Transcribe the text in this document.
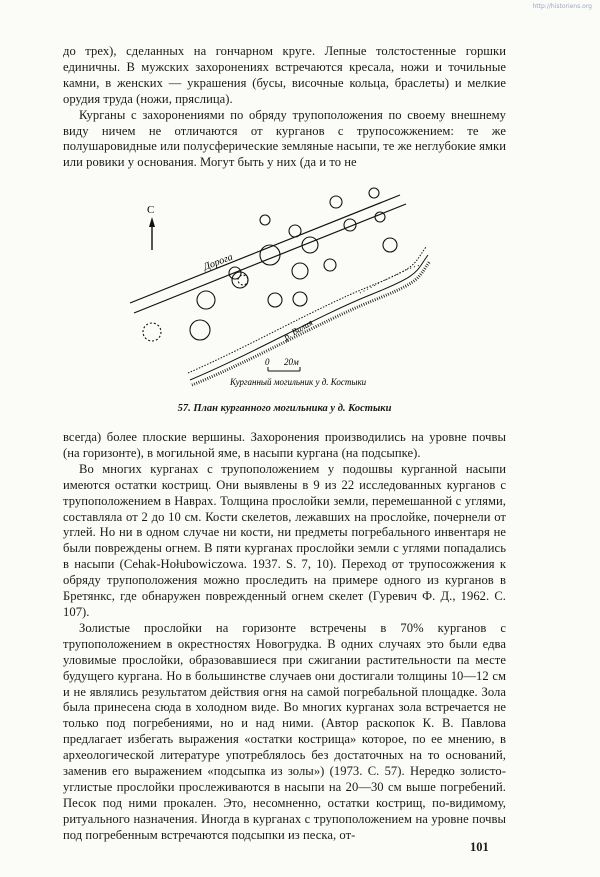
http://historiens.org

до трех), сделанных на гончарном круге. Лепные толстостенные горшки единичны. В мужских захоронениях встречаются кресала, ножи и точильные камни, в женских — украшения (бусы, височные кольца, браслеты) и мелкие орудия труда (ножи, пряслица).

Курганы с захоронениями по обряду трупоположения по своему внешнему виду ничем не отличаются от курганов с трупосожжением: те же полушаровидные или полусферические земляные насыпи, те же неглубокие ямки или ровики у основания. Могут быть у них (да и то не

С
Дорога
р. Вилия
0 20м
Курганный могильник у д. Костыки
57. План курганного могильника у д. Костыки

всегда) более плоские вершины. Захоронения производились на уровне почвы (на горизонте), в могильной яме, в насыпи кургана (на подсыпке).

Во многих курганах с трупоположением у подошвы курганной насыпи имеются остатки кострищ. Они выявлены в 9 из 22 исследованных курганов с трупоположением в Наврах. Толщина прослойки земли, перемешанной с углями, составляла от 2 до 10 см. Кости скелетов, лежавших на прослойке, почернели от углей. Но ни в одном случае ни кости, ни предметы погребального инвентаря не были повреждены огнем. В пяти курганах прослойки земли с углями попадались в насыпи (Cehak-Hołubowiczowa. 1937. S. 7, 10). Переход от трупосожжения к обряду трупоположения можно проследить на примере одного из курганов в Бретянкс, где обнаружен поврежденный огнем скелет (Гуревич Ф. Д., 1962. С. 107).

Золистые прослойки на горизонте встречены в 70% курганов с трупоположением в окрестностях Новогрудка. В одних случаях это были едва уловимые прослойки, образовавшиеся при сжигании растительности па месте будущего кургана. Но в большинстве случаев они достигали толщины 10—12 см и не являлись результатом действия огня на самой погребальной площадке. Зола была принесена сюда в холодном виде. Во многих курганах зола встречается не только под погребениями, но и над ними. (Автор раскопок К. В. Павлова предлагает избегать выражения «остатки кострища» которое, по ее мнению, в археологической литературе употреблялось без достаточных на то оснований, заменив его выражением «подсыпка из золы») (1973. С. 57). Нередко золисто-углистые прослойки прослеживаются в насыпи на 20—30 см выше погребений. Песок под ними прокален. Это, несомненно, остатки кострищ, по-видимому, ритуального назначения. Иногда в курганах с трупоположением на уровне почвы под погребенным встречаются подсыпки из песка, от-

101
